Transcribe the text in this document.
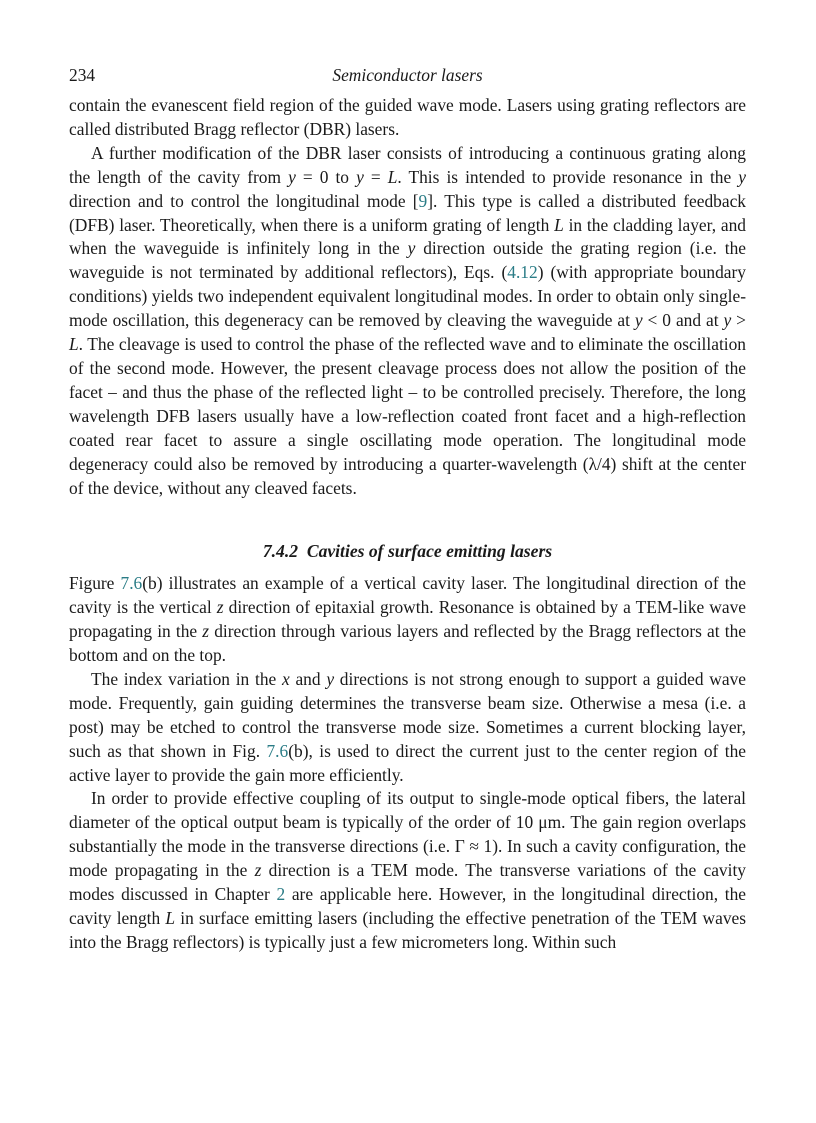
234	Semiconductor lasers

contain the evanescent field region of the guided wave mode. Lasers using grating reflectors are called distributed Bragg reflector (DBR) lasers.

A further modification of the DBR laser consists of introducing a continuous grating along the length of the cavity from y = 0 to y = L. This is intended to provide resonance in the y direction and to control the longitudinal mode [9]. This type is called a distributed feedback (DFB) laser. Theoretically, when there is a uniform grating of length L in the cladding layer, and when the waveguide is infinitely long in the y direction outside the grating region (i.e. the waveguide is not terminated by additional reflectors), Eqs. (4.12) (with appropriate boundary conditions) yields two independent equivalent longitudinal modes. In order to obtain only single-mode oscillation, this degeneracy can be removed by cleaving the waveguide at y < 0 and at y > L. The cleavage is used to control the phase of the reflected wave and to eliminate the oscillation of the second mode. However, the present cleavage process does not allow the position of the facet – and thus the phase of the reflected light – to be controlled precisely. Therefore, the long wavelength DFB lasers usually have a low-reflection coated front facet and a high-reflection coated rear facet to assure a single oscillating mode operation. The longitudinal mode degeneracy could also be removed by introducing a quarter-wavelength (λ/4) shift at the center of the device, without any cleaved facets.

7.4.2 Cavities of surface emitting lasers

Figure 7.6(b) illustrates an example of a vertical cavity laser. The longitudinal direction of the cavity is the vertical z direction of epitaxial growth. Resonance is obtained by a TEM-like wave propagating in the z direction through various layers and reflected by the Bragg reflectors at the bottom and on the top.

The index variation in the x and y directions is not strong enough to support a guided wave mode. Frequently, gain guiding determines the transverse beam size. Otherwise a mesa (i.e. a post) may be etched to control the transverse mode size. Sometimes a current blocking layer, such as that shown in Fig. 7.6(b), is used to direct the current just to the center region of the active layer to provide the gain more efficiently.

In order to provide effective coupling of its output to single-mode optical fibers, the lateral diameter of the optical output beam is typically of the order of 10 μm. The gain region overlaps substantially the mode in the transverse directions (i.e. Γ ≈ 1). In such a cavity configuration, the mode propagating in the z direction is a TEM mode. The transverse variations of the cavity modes discussed in Chapter 2 are applicable here. However, in the longitudinal direction, the cavity length L in surface emitting lasers (including the effective penetration of the TEM waves into the Bragg reflectors) is typically just a few micrometers long. Within such
